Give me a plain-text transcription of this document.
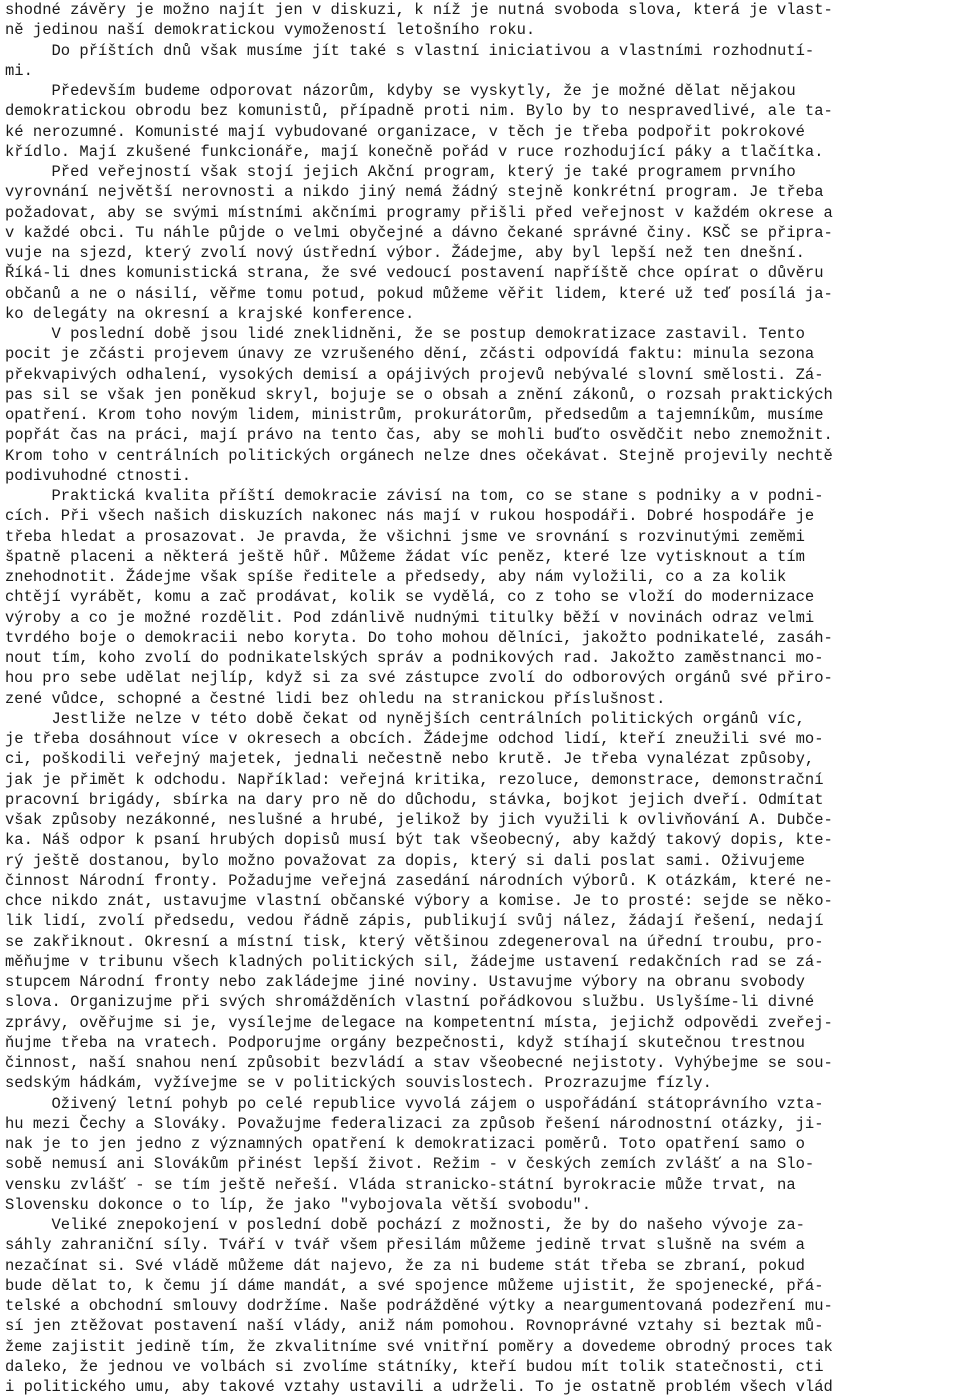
shodné závěry je možno najít jen v diskuzi, k níž je nutná svoboda slova, která je vlast-
ně jedinou naší demokratickou vymožeností letošního roku.
Do příštích dnů však musíme jít také s vlastní iniciativou a vlastními rozhodnutí-
mi.
Především budeme odporovat názorům, kdyby se vyskytly, že je možné dělat nějakou
demokratickou obrodu bez komunistů, případně proti nim. Bylo by to nespravedlivé, ale ta-
ké nerozumné. Komunisté mají vybudované organizace, v těch je třeba podpořit pokrokové
křídlo. Mají zkušené funkcionáře, mají konečně pořád v ruce rozhodující páky a tlačítka.
Před veřejností však stojí jejich Akční program, který je také programem prvního
vyrovnání největší nerovnosti a nikdo jiný nemá žádný stejně konkrétní program. Je třeba
požadovat, aby se svými místními akčními programy přišli před veřejnost v každém okrese a
v každé obci. Tu náhle půjde o velmi obyčejné a dávno čekané správné činy. KSČ se připra-
vuje na sjezd, který zvolí nový ústřední výbor. Žádejme, aby byl lepší než ten dnešní.
Říká-li dnes komunistická strana, že své vedoucí postavení napříště chce opírat o důvěru
občanů a ne o násilí, věřme tomu potud, pokud můžeme věřit lidem, které už teď posílá ja-
ko delegáty na okresní a krajské konference.
V poslední době jsou lidé zneklidněni, že se postup demokratizace zastavil. Tento
pocit je zčásti projevem únavy ze vzrušeného dění, zčásti odpovídá faktu: minula sezona
překvapivých odhalení, vysokých demisí a opájivých projevů nebývalé slovní smělosti. Zá-
pas sil se však jen poněkud skryl, bojuje se o obsah a znění zákonů, o rozsah praktických
opatření. Krom toho novým lidem, ministrům, prokurátorům, předsedům a tajemníkům, musíme
popřát čas na práci, mají právo na tento čas, aby se mohli buďto osvědčit nebo znemožnit.
Krom toho v centrálních politických orgánech nelze dnes očekávat. Stejně projevily nechtě
podivuhodné ctnosti.
Praktická kvalita příští demokracie závisí na tom, co se stane s podniky a v podni-
cích. Při všech našich diskuzích nakonec nás mají v rukou hospodáři. Dobré hospodáře je
třeba hledat a prosazovat. Je pravda, že všichni jsme ve srovnání s rozvinutými zeměmi
špatně placeni a některá ještě hůř. Můžeme žádat víc peněz, které lze vytisknout a tím
znehodnotit. Žádejme však spíše ředitele a předsedy, aby nám vyložili, co a za kolik
chtějí vyrábět, komu a zač prodávat, kolik se vydělá, co z toho se vloží do modernizace
výroby a co je možné rozdělit. Pod zdánlivě nudnými titulky běží v novinách odraz velmi
tvrdého boje o demokracii nebo koryta. Do toho mohou dělníci, jakožto podnikatelé, zasáh-
nout tím, koho zvolí do podnikatelských správ a podnikových rad. Jakožto zaměstnanci mo-
hou pro sebe udělat nejlíp, když si za své zástupce zvolí do odborových orgánů své přiro-
zené vůdce, schopné a čestné lidi bez ohledu na stranickou příslušnost.
Jestliže nelze v této době čekat od nynějších centrálních politických orgánů víc,
je třeba dosáhnout více v okresech a obcích. Žádejme odchod lidí, kteří zneužili své mo-
ci, poškodili veřejný majetek, jednali nečestně nebo krutě. Je třeba vynalézat způsoby,
jak je přimět k odchodu. Například: veřejná kritika, rezoluce, demonstrace, demonstrační
pracovní brigády, sbírka na dary pro ně do důchodu, stávka, bojkot jejich dveří. Odmítat
však způsoby nezákonné, neslušné a hrubé, jelikož by jich využili k ovlivňování A. Dubče-
ka. Náš odpor k psaní hrubých dopisů musí být tak všeobecný, aby každý takový dopis, kte-
rý ještě dostanou, bylo možno považovat za dopis, který si dali poslat sami. Oživujeme
činnost Národní fronty. Požadujme veřejná zasedání národních výborů. K otázkám, které ne-
chce nikdo znát, ustavujme vlastní občanské výbory a komise. Je to prosté: sejde se něko-
lik lidí, zvolí předsedu, vedou řádně zápis, publikují svůj nález, žádají řešení, nedají
se zakřiknout. Okresní a místní tisk, který většinou zdegeneroval na úřední troubu, pro-
měňujme v tribunu všech kladných politických sil, žádejme ustavení redakčních rad se zá-
stupcem Národní fronty nebo zakládejme jiné noviny. Ustavujme výbory na obranu svobody
slova. Organizujme při svých shromážděních vlastní pořádkovou službu. Uslyšíme-li divné
zprávy, ověřujme si je, vysílejme delegace na kompetentní místa, jejichž odpovědi zveřej-
ňujme třeba na vratech. Podporujme orgány bezpečnosti, když stíhají skutečnou trestnou
činnost, naší snahou není způsobit bezvládí a stav všeobecné nejistoty. Vyhýbejme se sou-
sedským hádkám, vyžívejme se v politických souvislostech. Prozrazujme fízly.
Oživený letní pohyb po celé republice vyvolá zájem o uspořádání státoprávního vzta-
hu mezi Čechy a Slováky. Považujme federalizaci za způsob řešení národnostní otázky, ji-
nak je to jen jedno z významných opatření k demokratizaci poměrů. Toto opatření samo o
sobě nemusí ani Slovákům přinést lepší život. Režim - v českých zemích zvlášť a na Slo-
vensku zvlášť - se tím ještě neřeší. Vláda stranicko-státní byrokracie může trvat, na
Slovensku dokonce o to líp, že jako "vybojovala větší svobodu".
Veliké znepokojení v poslední době pochází z možnosti, že by do našeho vývoje za-
sáhly zahraniční síly. Tváří v tvář všem přesilám můžeme jedině trvat slušně na svém a
nezačínat si. Své vládě můžeme dát najevo, že za ni budeme stát třeba se zbraní, pokud
bude dělat to, k čemu jí dáme mandát, a své spojence můžeme ujistit, že spojenecké, přá-
telské a obchodní smlouvy dodržíme. Naše podrážděné výtky a neargumentovaná podezření mu-
sí jen ztěžovat postavení naší vlády, aniž nám pomohou. Rovnoprávné vztahy si beztak mů-
žeme zajistit jedině tím, že zkvalitníme své vnitřní poměry a dovedeme obrodný proces tak
daleko, že jednou ve volbách si zvolíme státníky, kteří budou mít tolik statečnosti, cti
i politického umu, aby takové vztahy ustavili a udrželi. To je ostatně problém všech vlád
